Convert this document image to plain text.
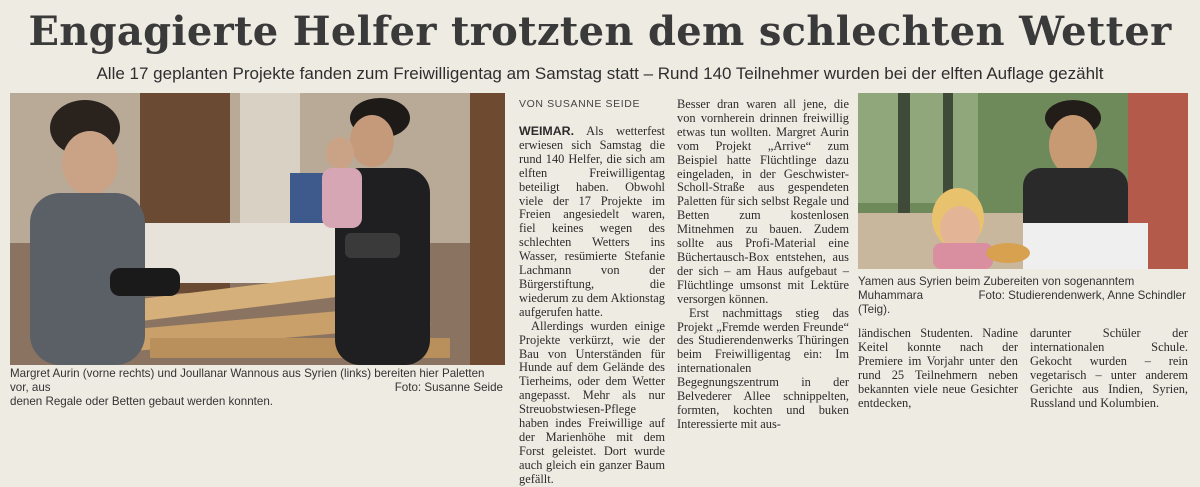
Engagierte Helfer trotzten dem schlechten Wetter
Alle 17 geplanten Projekte fanden zum Freiwilligentag am Samstag statt – Rund 140 Teilnehmer wurden bei der elften Auflage gezählt
Margret Aurin (vorne rechts) und Joullanar Wannous aus Syrien (links) bereiten hier Paletten vor, aus
denen Regale oder Betten gebaut werden konnten.
Foto: Susanne Seide
VON SUSANNE SEIDE

WEIMAR. Als wetterfest erwiesen sich Samstag die rund 140 Helfer, die sich am elften Freiwilligentag beteiligt haben. Obwohl viele der 17 Projekte im Freien angesiedelt waren, fiel keines wegen des schlechten Wetters ins Wasser, resümierte Stefanie Lachmann von der Bürgerstiftung, die wiederum zu dem Aktionstag aufgerufen hatte.

Allerdings wurden einige Projekte verkürzt, wie der Bau von Unterständen für Hunde auf dem Gelände des Tierheims, oder dem Wetter angepasst. Mehr als nur Streuobstwiesen-Pflege haben indes Freiwillige auf der Marienhöhe mit dem Forst geleistet. Dort wurde auch gleich ein ganzer Baum gefällt.

Besser dran waren all jene, die von vornherein drinnen freiwillig etwas tun wollten. Margret Aurin vom Projekt „Arrive“ zum Beispiel hatte Flüchtlinge dazu eingeladen, in der Geschwister-Scholl-Straße aus gespendeten Paletten für sich selbst Regale und Betten zum kostenlosen Mitnehmen zu bauen. Zudem sollte aus Profi-Material eine Büchertausch-Box entstehen, aus der sich – am Haus aufgebaut – Flüchtlinge umsonst mit Lektüre versorgen können.

Erst nachmittags stieg das Projekt „Fremde werden Freunde“ des Studierendenwerks Thüringen beim Freiwilligentag ein: Im internationalen Begegnungszentrum in der Belvederer Allee schnippelten, formten, kochten und buken Interessierte mit aus-

Yamen aus Syrien beim Zubereiten von sogenanntem Muhammara
(Teig).
Foto: Studierendenwerk, Anne Schindler
ländischen Studenten. Nadine Keitel konnte nach der Premiere im Vorjahr unter den rund 25 Teilnehmern neben bekannten viele neue Gesichter entdecken,
darunter Schüler der internationalen Schule. Gekocht wurden – rein vegetarisch – unter anderem Gerichte aus Indien, Syrien, Russland und Kolumbien.
